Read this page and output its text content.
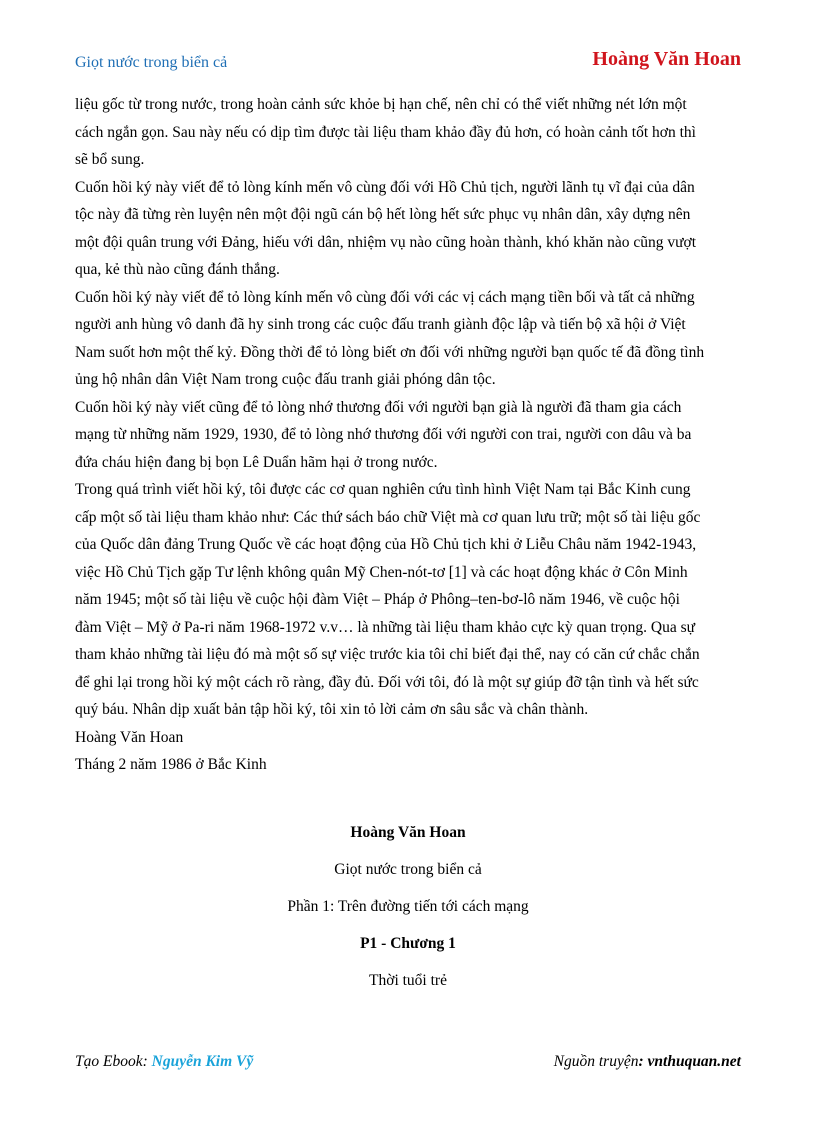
Giọt nước trong biển cả	Hoàng Văn Hoan
liệu gốc từ trong nước, trong hoàn cảnh sức khỏe bị hạn chế, nên chỉ có thể viết những nét lớn một
cách ngắn gọn. Sau này nếu có dịp tìm được tài liệu tham khảo đầy đủ hơn, có hoàn cảnh tốt hơn thì
sẽ bổ sung.
Cuốn hồi ký này viết để tỏ lòng kính mến vô cùng đối với Hồ Chủ tịch, người lãnh tụ vĩ đại của dân
tộc này đã từng rèn luyện nên một đội ngũ cán bộ hết lòng hết sức phục vụ nhân dân, xây dựng nên
một đội quân trung với Đảng, hiếu với dân, nhiệm vụ nào cũng hoàn thành, khó khăn nào cũng vượt
qua, kẻ thù nào cũng đánh thắng.
Cuốn hồi ký này viết để tỏ lòng kính mến vô cùng đối với các vị cách mạng tiền bối và tất cả những
người anh hùng vô danh đã hy sinh trong các cuộc đấu tranh giành độc lập và tiến bộ xã hội ở Việt
Nam suốt hơn một thế kỷ. Đồng thời để tỏ lòng biết ơn đối với những người bạn quốc tế đã đồng tình
ủng hộ nhân dân Việt Nam trong cuộc đấu tranh giải phóng dân tộc.
Cuốn hồi ký này viết cũng để tỏ lòng nhớ thương đối với người bạn già là người đã tham gia cách
mạng từ những năm 1929, 1930, để tỏ lòng nhớ thương đối với người con trai, người con dâu và ba
đứa cháu hiện đang bị bọn Lê Duẩn hãm hại ở trong nước.
Trong quá trình viết hồi ký, tôi được các cơ quan nghiên cứu tình hình Việt Nam tại Bắc Kinh cung
cấp một số tài liệu tham khảo như: Các thứ sách báo chữ Việt mà cơ quan lưu trữ; một số tài liệu gốc
của Quốc dân đảng Trung Quốc về các hoạt động của Hồ Chủ tịch khi ở Liễu Châu năm 1942-1943,
việc Hồ Chủ Tịch gặp Tư lệnh không quân Mỹ Chen-nót-tơ [1] và các hoạt động khác ở Côn Minh
năm 1945; một số tài liệu về cuộc hội đàm Việt – Pháp ở Phông–ten-bơ-lô năm 1946, về cuộc hội
đàm Việt – Mỹ ở Pa-ri năm 1968-1972 v.v… là những tài liệu tham khảo cực kỳ quan trọng. Qua sự
tham khảo những tài liệu đó mà một số sự việc trước kia tôi chỉ biết đại thể, nay có căn cứ chắc chắn
để ghi lại trong hồi ký một cách rõ ràng, đầy đủ. Đối với tôi, đó là một sự giúp đỡ tận tình và hết sức
quý báu. Nhân dịp xuất bản tập hồi ký, tôi xin tỏ lời cảm ơn sâu sắc và chân thành.
Hoàng Văn Hoan
Tháng 2 năm 1986 ở Bắc Kinh
Hoàng Văn Hoan
Giọt nước trong biển cả
Phần 1: Trên đường tiến tới cách mạng
P1 - Chương 1
Thời tuổi trẻ
Tạo Ebook: Nguyễn Kim Vỹ	Nguồn truyện: vnthuquan.net
